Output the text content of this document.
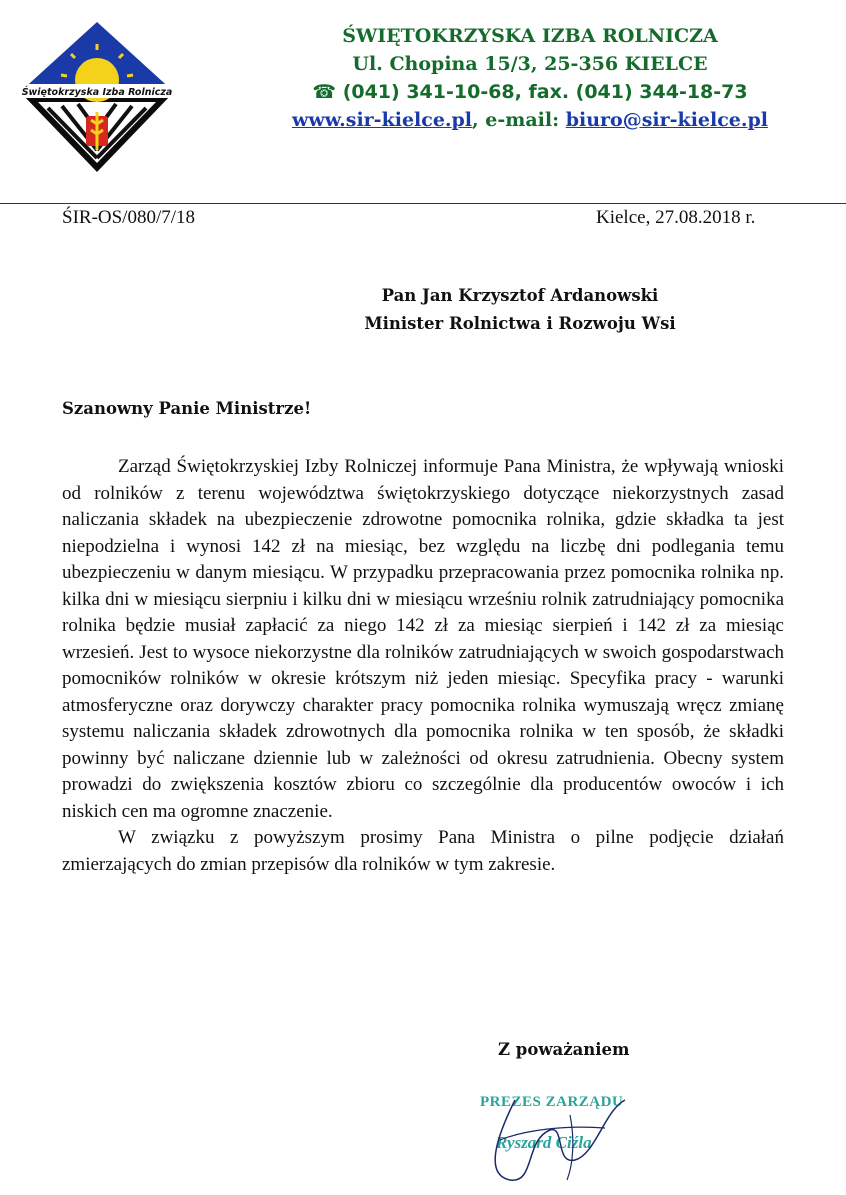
Świętokrzyska Izba Rolnicza
ŚWIĘTOKRZYSKA IZBA ROLNICZA
Ul. Chopina 15/3, 25-356 KIELCE
☎ (041) 341-10-68, fax. (041) 344-18-73
www.sir-kielce.pl, e-mail: biuro@sir-kielce.pl
ŚIR-OS/080/7/18	Kielce, 27.08.2018 r.
Pan Jan Krzysztof Ardanowski
Minister Rolnictwa i Rozwoju Wsi
Szanowny Panie Ministrze!

Zarząd Świętokrzyskiej Izby Rolniczej informuje Pana Ministra, że wpływają wnioski od rolników z terenu województwa świętokrzyskiego dotyczące niekorzystnych zasad naliczania składek na ubezpieczenie zdrowotne pomocnika rolnika, gdzie składka ta jest niepodzielna i wynosi 142 zł na miesiąc, bez względu na liczbę dni podlegania temu ubezpieczeniu w danym miesiącu. W przypadku przepracowania przez pomocnika rolnika np. kilka dni w miesiącu sierpniu i kilku dni w miesiącu wrześniu rolnik zatrudniający pomocnika rolnika będzie musiał zapłacić za niego 142 zł za miesiąc sierpień i 142 zł za miesiąc wrzesień. Jest to wysoce niekorzystne dla rolników zatrudniających w swoich gospodarstwach pomocników rolników w okresie krótszym niż jeden miesiąc. Specyfika pracy - warunki atmosferyczne oraz dorywczy charakter pracy pomocnika rolnika wymuszają wręcz zmianę systemu naliczania składek zdrowotnych dla pomocnika rolnika w ten sposób, że składki powinny być naliczane dziennie lub w zależności od okresu zatrudnienia. Obecny system prowadzi do zwiększenia kosztów zbioru co szczególnie dla producentów owoców i ich niskich cen ma ogromne znaczenie.

W związku z powyższym prosimy Pana Ministra o pilne podjęcie działań zmierzających do zmian przepisów dla rolników w tym zakresie.

Z poważaniem
PREZES ZARZĄDU
Ryszard Ciźla
